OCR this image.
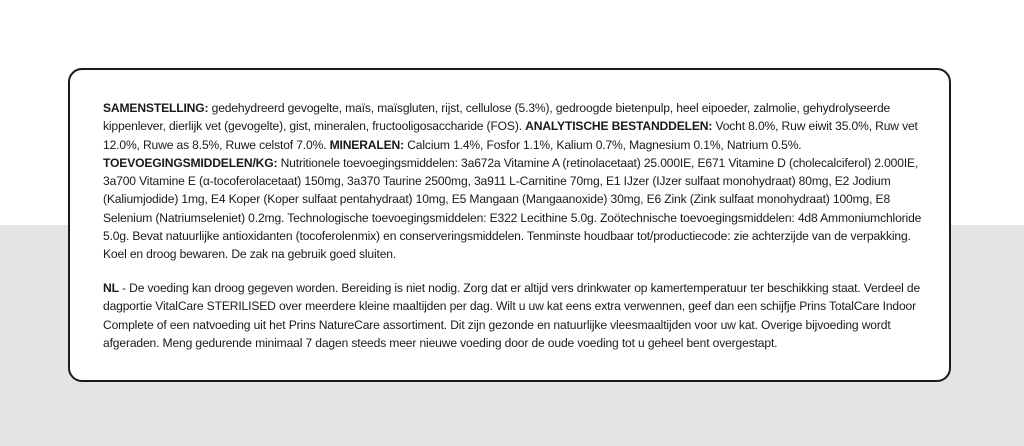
SAMENSTELLING: gedehydreerd gevogelte, maïs, maïsgluten, rijst, cellulose (5.3%), gedroogde bietenpulp, heel eipoeder, zalmolie, gehydrolyseerde kippenlever, dierlijk vet (gevogelte), gist, mineralen, fructooligosaccharide (FOS). ANALYTISCHE BESTANDDELEN: Vocht 8.0%, Ruw eiwit 35.0%, Ruw vet 12.0%, Ruwe as 8.5%, Ruwe celstof 7.0%. MINERALEN: Calcium 1.4%, Fosfor 1.1%, Kalium 0.7%, Magnesium 0.1%, Natrium 0.5%.
TOEVOEGINGSMIDDELEN/KG: Nutritionele toevoegingsmiddelen: 3a672a Vitamine A (retinolacetaat) 25.000IE, E671 Vitamine D (cholecalciferol) 2.000IE, 3a700 Vitamine E (α-tocoferolacetaat) 150mg, 3a370 Taurine 2500mg, 3a911 L-Carnitine 70mg, E1 IJzer (IJzer sulfaat monohydraat) 80mg, E2 Jodium (Kaliumjodide) 1mg, E4 Koper (Koper sulfaat pentahydraat) 10mg, E5 Mangaan (Mangaanoxide) 30mg, E6 Zink (Zink sulfaat monohydraat) 100mg, E8 Selenium (Natriumseleniet) 0.2mg. Technologische toevoegingsmiddelen: E322 Lecithine 5.0g. Zoötechnische toevoegingsmiddelen: 4d8 Ammoniumchloride 5.0g. Bevat natuurlijke antioxidanten (tocoferolenmix) en conserveringsmiddelen. Tenminste houdbaar tot/productiecode: zie achterzijde van de verpakking. Koel en droog bewaren. De zak na gebruik goed sluiten.
NL - De voeding kan droog gegeven worden. Bereiding is niet nodig. Zorg dat er altijd vers drinkwater op kamertemperatuur ter beschikking staat. Verdeel de dagportie VitalCare STERILISED over meerdere kleine maaltijden per dag. Wilt u uw kat eens extra verwennen, geef dan een schijfje Prins TotalCare Indoor Complete of een natvoeding uit het Prins NatureCare assortiment. Dit zijn gezonde en natuurlijke vleesmaaltijden voor uw kat. Overige bijvoeding wordt afgeraden. Meng gedurende minimaal 7 dagen steeds meer nieuwe voeding door de oude voeding tot u geheel bent overgestapt.
